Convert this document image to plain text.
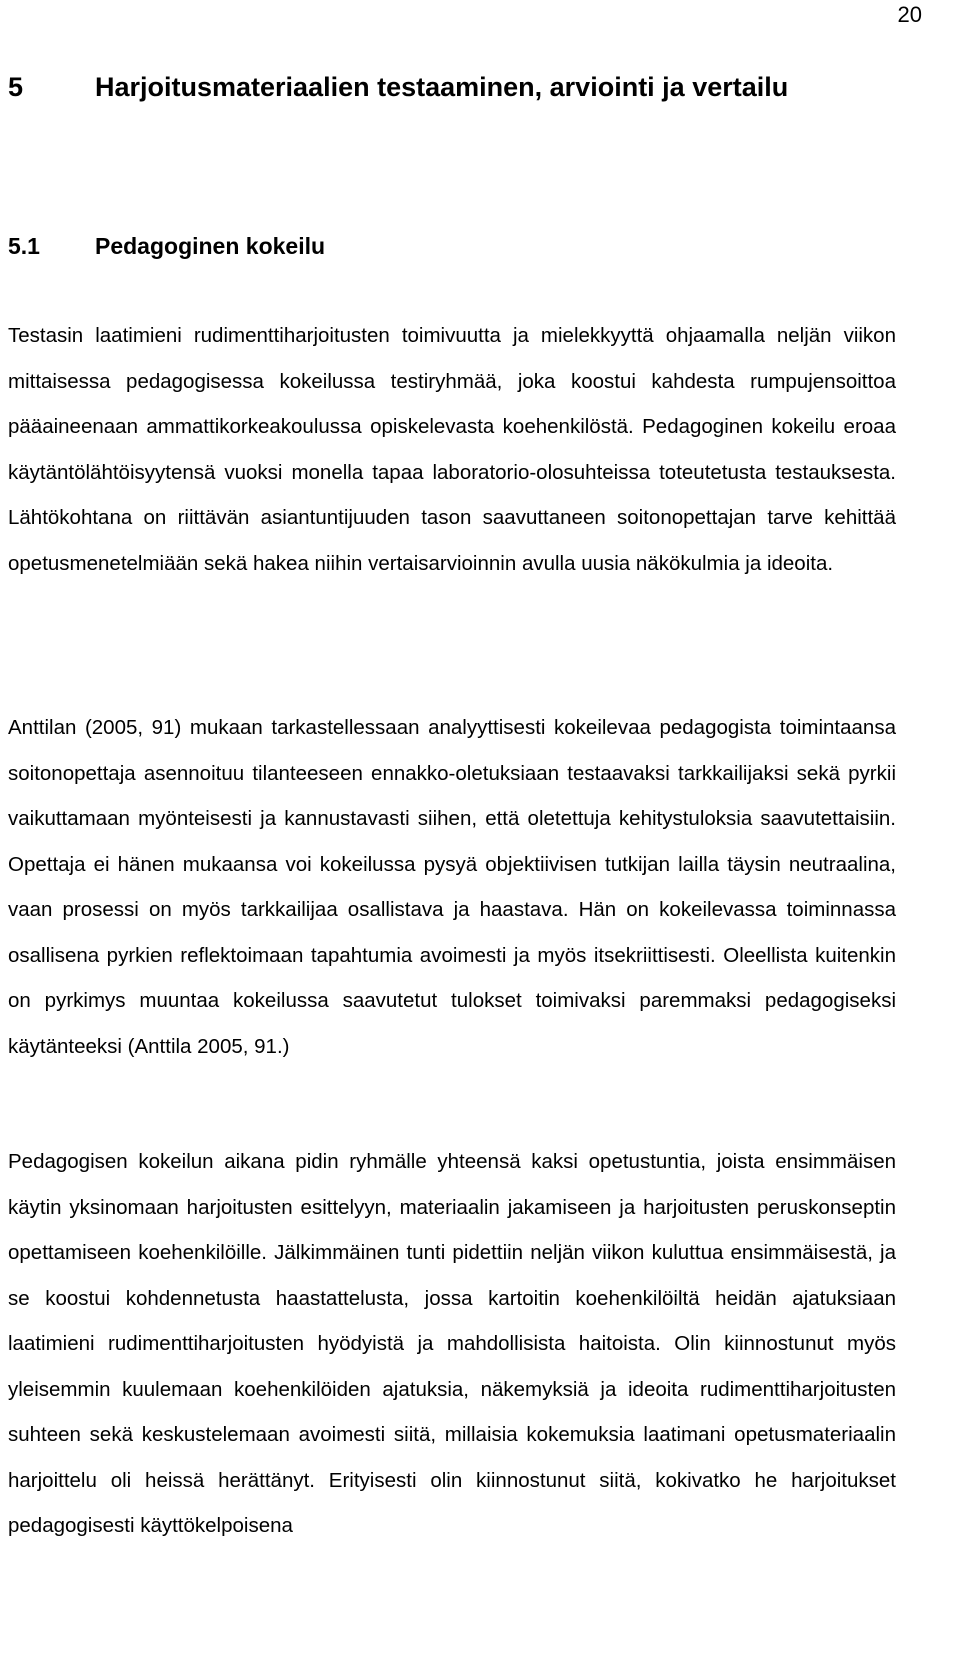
20
5	Harjoitusmateriaalien testaaminen, arviointi ja vertailu
5.1	Pedagoginen kokeilu

Testasin laatimieni rudimenttiharjoitusten toimivuutta ja mielekkyyttä ohjaamalla neljän viikon mittaisessa pedagogisessa kokeilussa testiryhmää, joka koostui kahdesta rumpujensoittoa pääaineenaan ammattikorkeakoulussa opiskelevasta koehenkilöstä. Pedagoginen kokeilu eroaa käytäntölähtöisyytensä vuoksi monella tapaa laboratorio-olosuhteissa toteutetusta testauksesta. Lähtökohtana on riittävän asiantuntijuuden tason saavuttaneen soitonopettajan tarve kehittää opetusmenetelmiään sekä hakea niihin vertaisarvioinnin avulla uusia näkökulmia ja ideoita.

Anttilan (2005, 91) mukaan tarkastellessaan analyyttisesti kokeilevaa pedagogista toimintaansa soitonopettaja asennoituu tilanteeseen ennakko-oletuksiaan testaavaksi tarkkailijaksi sekä pyrkii vaikuttamaan myönteisesti ja kannustavasti siihen, että oletettuja kehitystuloksia saavutettaisiin. Opettaja ei hänen mukaansa voi kokeilussa pysyä objektiivisen tutkijan lailla täysin neutraalina, vaan prosessi on myös tarkkailijaa osallistava ja haastava. Hän on kokeilevassa toiminnassa osallisena pyrkien reflektoimaan tapahtumia avoimesti ja myös itsekriittisesti. Oleellista kuitenkin on pyrkimys muuntaa kokeilussa saavutetut tulokset toimivaksi paremmaksi pedagogiseksi käytänteeksi (Anttila 2005, 91.)

Pedagogisen kokeilun aikana pidin ryhmälle yhteensä kaksi opetustuntia, joista ensimmäisen käytin yksinomaan harjoitusten esittelyyn, materiaalin jakamiseen ja harjoitusten peruskonseptin opettamiseen koehenkilöille. Jälkimmäinen tunti pidettiin neljän viikon kuluttua ensimmäisestä, ja se koostui kohdennetusta haastattelusta, jossa kartoitin koehenkilöiltä heidän ajatuksiaan laatimieni rudimenttiharjoitusten hyödyistä ja mahdollisista haitoista. Olin kiinnostunut myös yleisemmin kuulemaan koehenkilöiden ajatuksia, näkemyksiä ja ideoita rudimenttiharjoitusten suhteen sekä keskustelemaan avoimesti siitä, millaisia kokemuksia laatimani opetusmateriaalin harjoittelu oli heissä herättänyt. Erityisesti olin kiinnostunut siitä, kokivatko he harjoitukset pedagogisesti käyttökelpoisena
